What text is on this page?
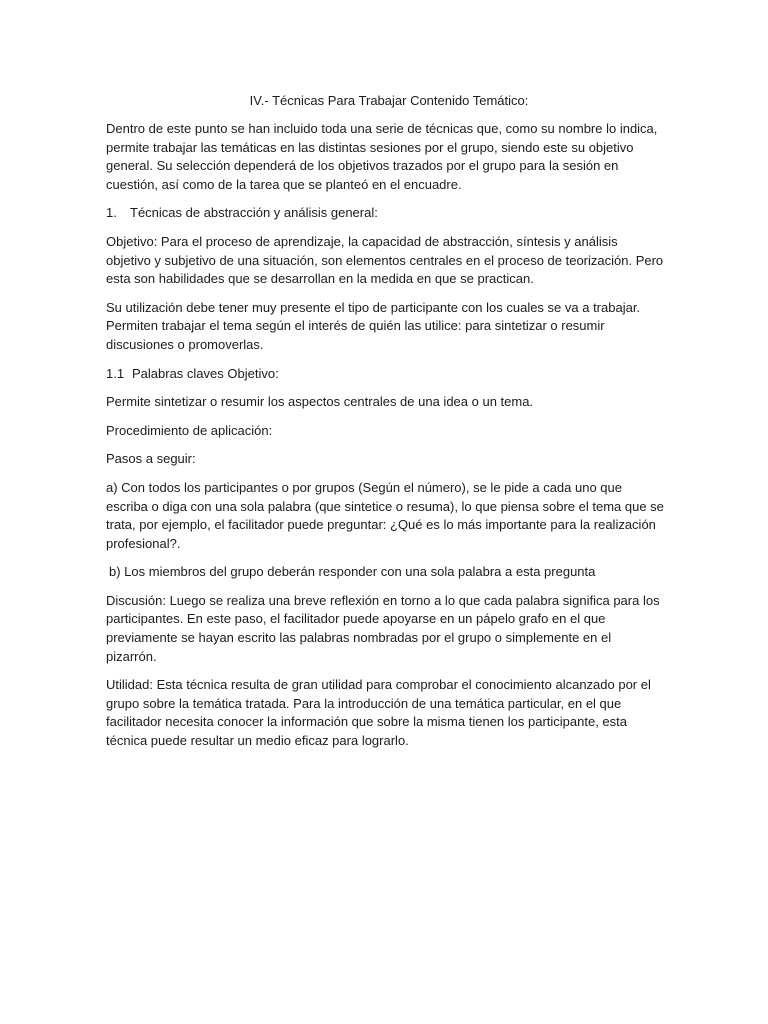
IV.- Técnicas Para Trabajar Contenido Temático:

Dentro de este punto se han incluido toda una serie de técnicas que, como su nombre lo indica, permite trabajar las temáticas en las distintas sesiones por el grupo, siendo este su objetivo general. Su selección dependerá de los objetivos trazados por el grupo para la sesión en cuestión, así como de la tarea que se planteó en el encuadre.

1.	Técnicas de abstracción y análisis general:

Objetivo: Para el proceso de aprendizaje, la capacidad de abstracción, síntesis y análisis objetivo y subjetivo de una situación, son elementos centrales en el proceso de teorización. Pero esta son habilidades que se desarrollan en la medida en que se practican.

Su utilización debe tener muy presente el tipo de participante con los cuales se va a trabajar. Permiten trabajar el tema según el interés de quién las utilice: para sintetizar o resumir discusiones o promoverlas.

1.1 Palabras claves Objetivo:

Permite sintetizar o resumir los aspectos centrales de una idea o un tema.

Procedimiento de aplicación:

Pasos a seguir:

a) Con todos los participantes o por grupos (Según el número), se le pide a cada uno que escriba o diga con una sola palabra (que sintetice o resuma), lo que piensa sobre el tema que se trata, por ejemplo, el facilitador puede preguntar: ¿Qué es lo más importante para la realización profesional?.

b) Los miembros del grupo deberán responder con una sola palabra a esta pregunta

Discusión: Luego se realiza una breve reflexión en torno a lo que cada palabra significa para los participantes. En este paso, el facilitador puede apoyarse en un pápelo grafo en el que previamente se hayan escrito las palabras nombradas por el grupo o simplemente en el pizarrón.

Utilidad: Esta técnica resulta de gran utilidad para comprobar el conocimiento alcanzado por el grupo sobre la temática tratada. Para la introducción de una temática particular, en el que facilitador necesita conocer la información que sobre la misma tienen los participante, esta técnica puede resultar un medio eficaz para lograrlo.
